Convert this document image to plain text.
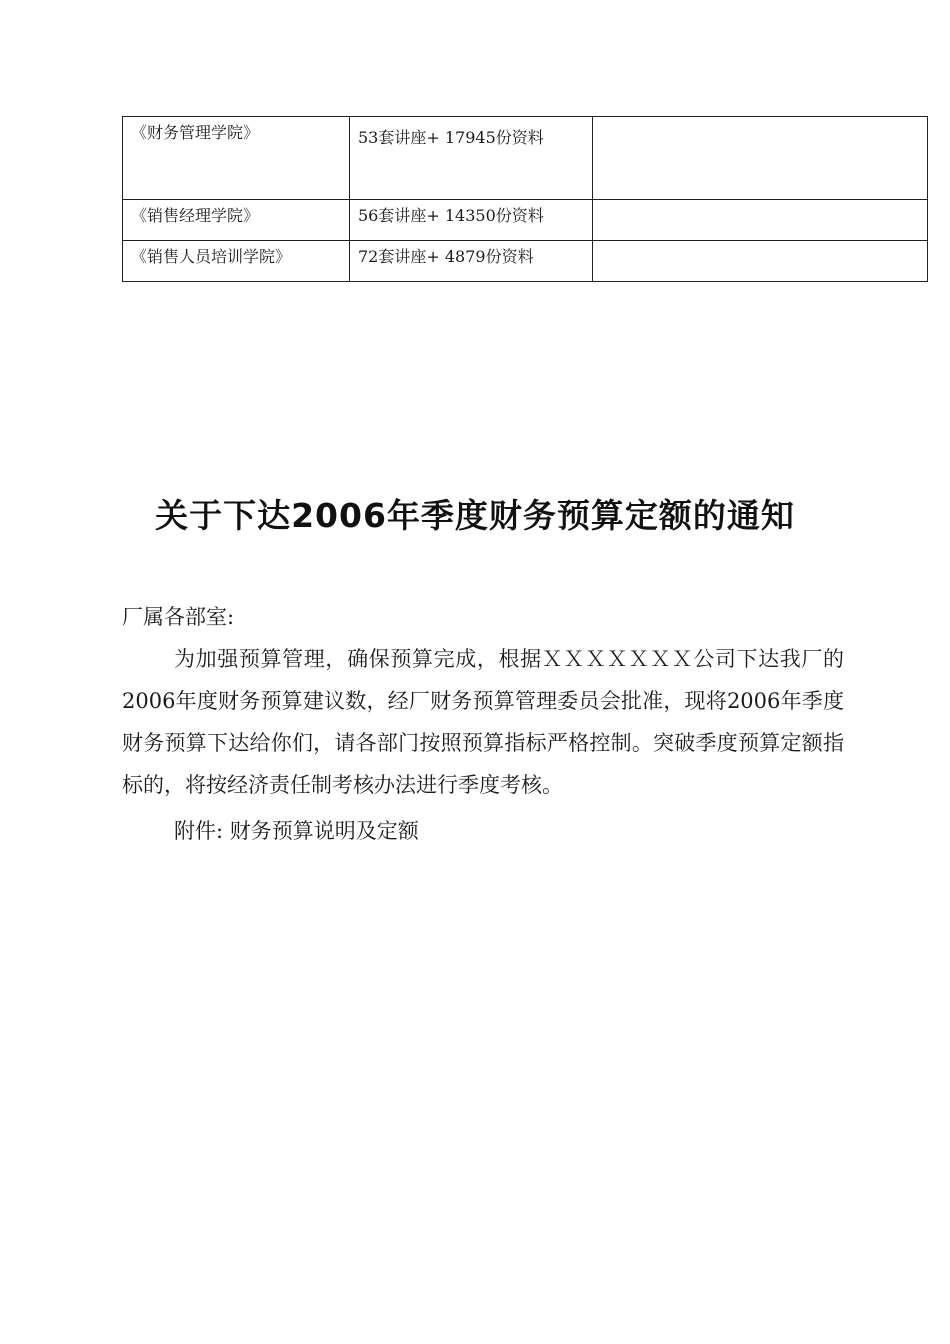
《财务管理学院》	53套讲座+ 17945份资料	
《销售经理学院》	56套讲座+ 14350份资料	
《销售人员培训学院》	72套讲座+ 4879份资料	
关于下达2006年季度财务预算定额的通知

厂属各部室:

为加强预算管理，确保预算完成，根据ＸＸＸＸＸＸＸ公司下达我厂的2006年度财务预算建议数，经厂财务预算管理委员会批准，现将2006年季度财务预算下达给你们，请各部门按照预算指标严格控制。突破季度预算定额指标的，将按经济责任制考核办法进行季度考核。

附件: 财务预算说明及定额
